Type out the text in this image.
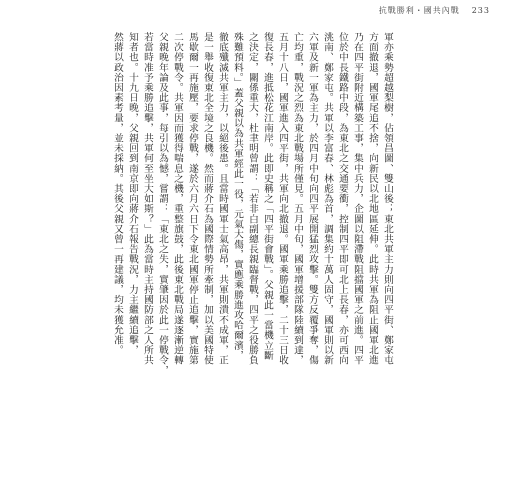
抗戰勝利・國共內戰 233
軍亦乘勢超越梨樹，佔領昌圖、雙山後；東北共軍主力則向四平街、鄭家屯
方面撤退，國軍尾追不捨，向新民以北地區延伸。此時共軍為阻止國軍北進
乃在四平街附近構築工事，集中兵力，企圖以阻滯戰阻擋國軍之前進。四平
位於中長鐵路中段，為東北之交通要衝，控制四平即可北上長春，亦可西向
洮南、鄭家屯。共軍以李富春、林彪為首，調集約十萬人固守，國軍則以新
六軍及新一軍為主力，於四月中旬向四平展開猛烈攻擊。雙方反覆爭奪，傷
亡均重，戰況之烈為東北戰場所僅見。五月中旬，國軍增援部隊陸續到達，
五月十八日，國軍進入四平街，共軍向北撤退。國軍乘勝追擊，二十三日收
復長春，進抵松花江南岸。此即史稱之「四平街會戰」。父親此一當機立斷
之決定，關係重大，杜聿明曾謂：「若非白副總長親臨督戰，四平之役勝負
殊難預料。」蓋父親以為共軍經此一役，元氣大傷，實應乘勝進攻哈爾濱，
徹底殲滅共軍主力，以絕後患。且當時國軍士氣高昂，共軍則潰不成軍，正
是一舉收復東北全境之良機。然而蔣介石為國際情勢所牽制，加以美國特使
馬歇爾一再施壓，要求停戰，遂於六月六日下令東北國軍停止追擊，實施第
二次停戰令。共軍因而獲得喘息之機，重整旗鼓，此後東北戰局遂逐漸逆轉
父親晚年論及此事，每引以為憾，嘗謂：「東北之失，實肇因於此一停戰令，
若當時准予乘勝追擊，共軍何至坐大如斯？」此為當時主持國防部之人所共
知者也。十九日晚，父親回到南京即向蔣介石報告戰況，力主繼續追擊，
然蔣以政治因素考量，並未採納。其後父親又曾一再建議，均未獲允准。
